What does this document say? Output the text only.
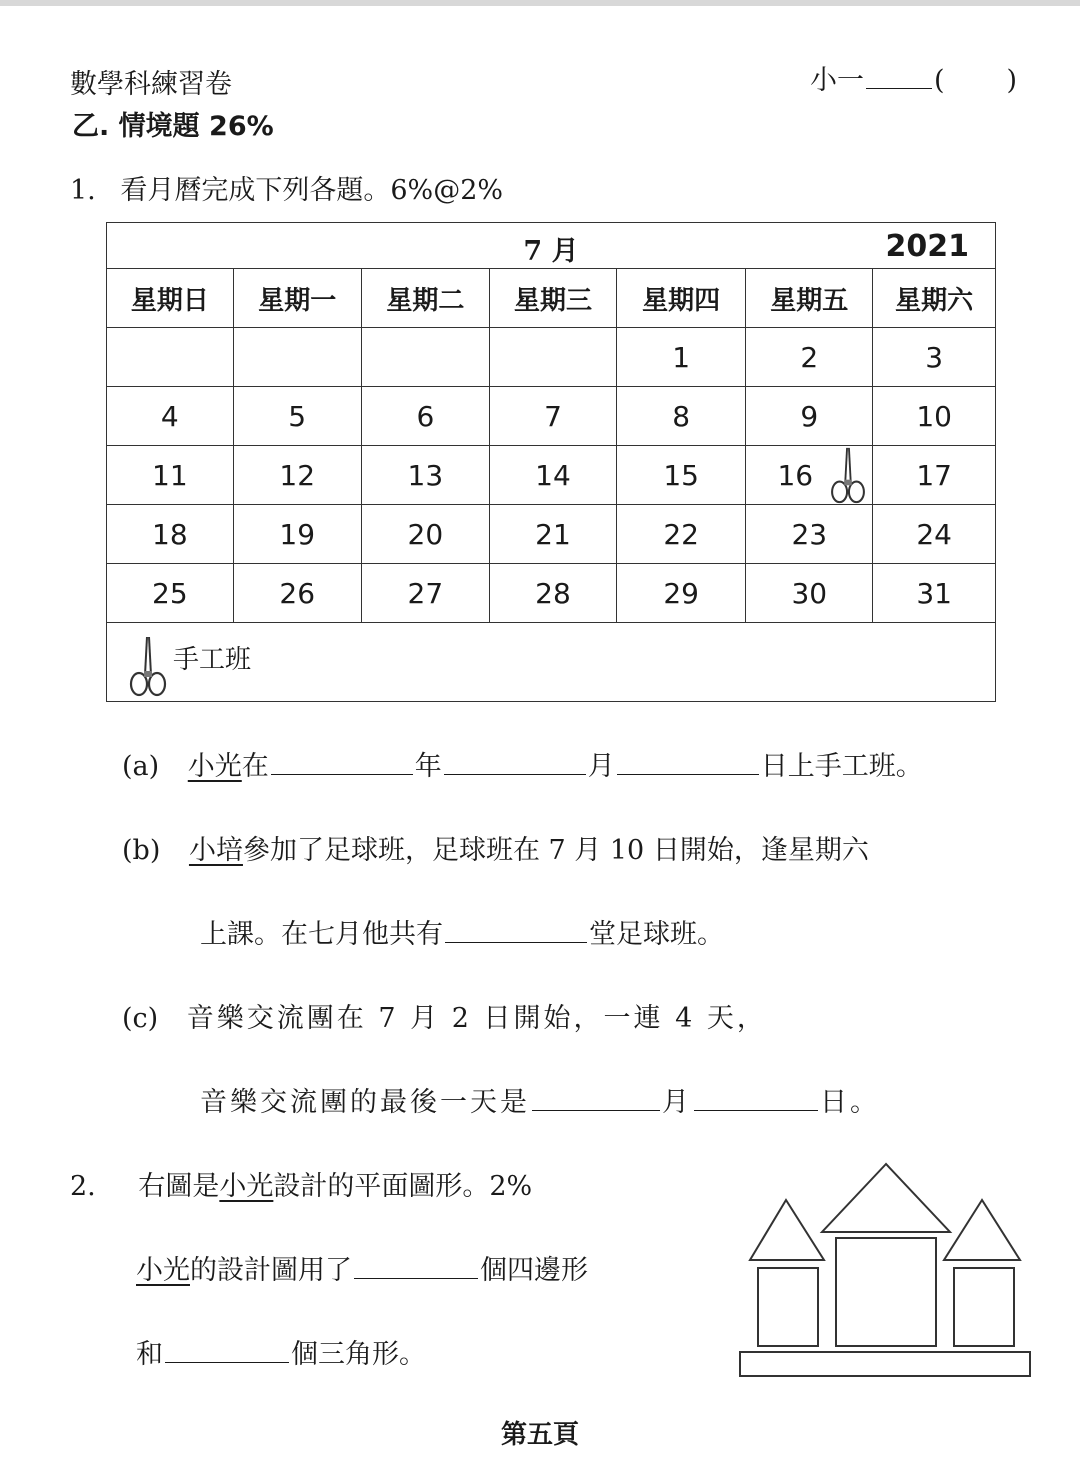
數學科練習卷	小一	( )
乙. 情境題 26%
1. 看月曆完成下列各題。6%@2%
7 月	2021
星期日	星期一	星期二	星期三	星期四	星期五	星期六
				1	2	3
4	5	6	7	8	9	10
11	12	13	14	15	16	17
18	19	20	21	22	23	24
25	26	27	28	29	30	31
手工班
(a) 小光在	年	月	日上手工班。
(b) 小培參加了足球班，足球班在 7 月 10 日開始，逢星期六
上課。在七月他共有	堂足球班。
(c) 音樂交流團在 7 月 2 日開始，一連 4 天，
音樂交流團的最後一天是	月	日。
2. 右圖是小光設計的平面圖形。2%
小光的設計圖用了	個四邊形
和	個三角形。
第五頁
